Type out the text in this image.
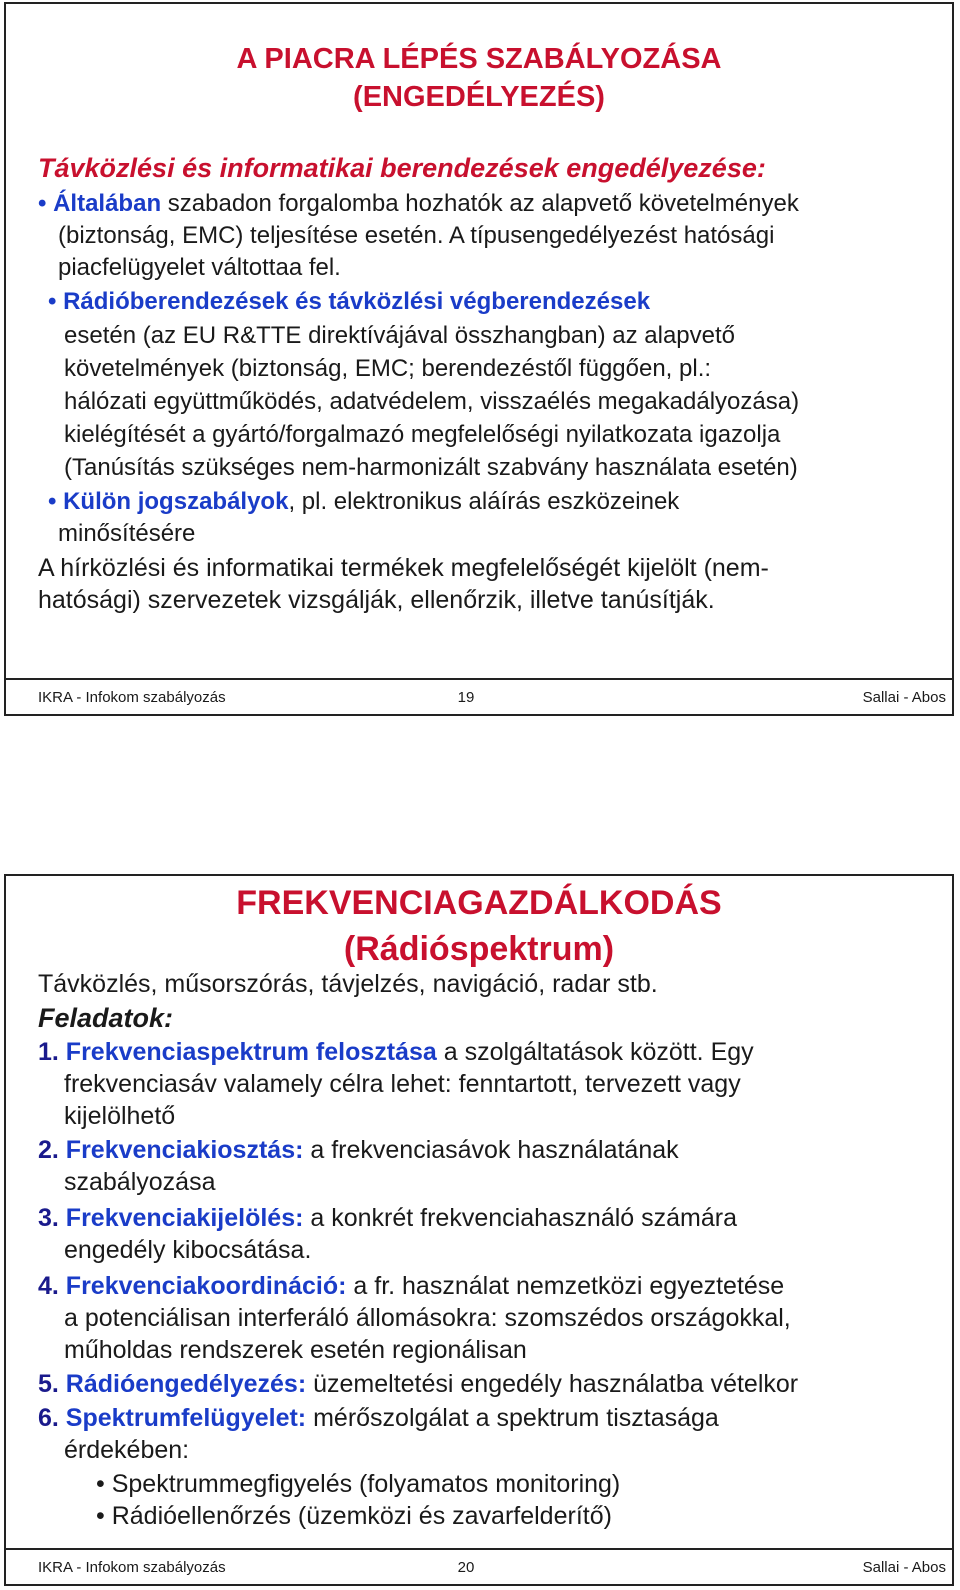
A PIACRA LÉPÉS SZABÁLYOZÁSA
(ENGEDÉLYEZÉS)
Távközlési és informatikai berendezések engedélyezése:
• Általában szabadon forgalomba hozhatók az alapvető követelmények
(biztonság, EMC) teljesítése esetén. A típusengedélyezést hatósági
piacfelügyelet váltottaa fel.
• Rádióberendezések és távközlési végberendezések
esetén (az EU R&TTE direktívájával összhangban) az alapvető
követelmények (biztonság, EMC; berendezéstől függően, pl.:
hálózati együttműködés, adatvédelem, visszaélés megakadályozása)
kielégítését a gyártó/forgalmazó megfelelőségi nyilatkozata igazolja
(Tanúsítás szükséges nem-harmonizált szabvány használata esetén)
• Külön jogszabályok, pl. elektronikus aláírás eszközeinek
minősítésére
A hírközlési és informatikai termékek megfelelőségét kijelölt (nem-
hatósági) szervezetek vizsgálják, ellenőrzik, illetve tanúsítják.
IKRA - Infokom szabályozás	19	Sallai - Abos
FREKVENCIAGAZDÁLKODÁS
(Rádióspektrum)
Távközlés, műsorszórás, távjelzés, navigáció, radar stb.
Feladatok:
1. Frekvenciaspektrum felosztása a szolgáltatások között. Egy
frekvenciasáv valamely célra lehet: fenntartott, tervezett vagy
kijelölhető
2. Frekvenciakiosztás: a frekvenciasávok használatának
szabályozása
3. Frekvenciakijelölés: a konkrét frekvenciahasználó számára
engedély kibocsátása.
4. Frekvenciakoordináció: a fr. használat nemzetközi egyeztetése
a potenciálisan interferáló állomásokra: szomszédos országokkal,
műholdas rendszerek esetén regionálisan
5. Rádióengedélyezés: üzemeltetési engedély használatba vételkor
6. Spektrumfelügyelet: mérőszolgálat a spektrum tisztasága
érdekében:
• Spektrummegfigyelés (folyamatos monitoring)
• Rádióellenőrzés (üzemközi és zavarfelderítő)
IKRA - Infokom szabályozás	20	Sallai - Abos
